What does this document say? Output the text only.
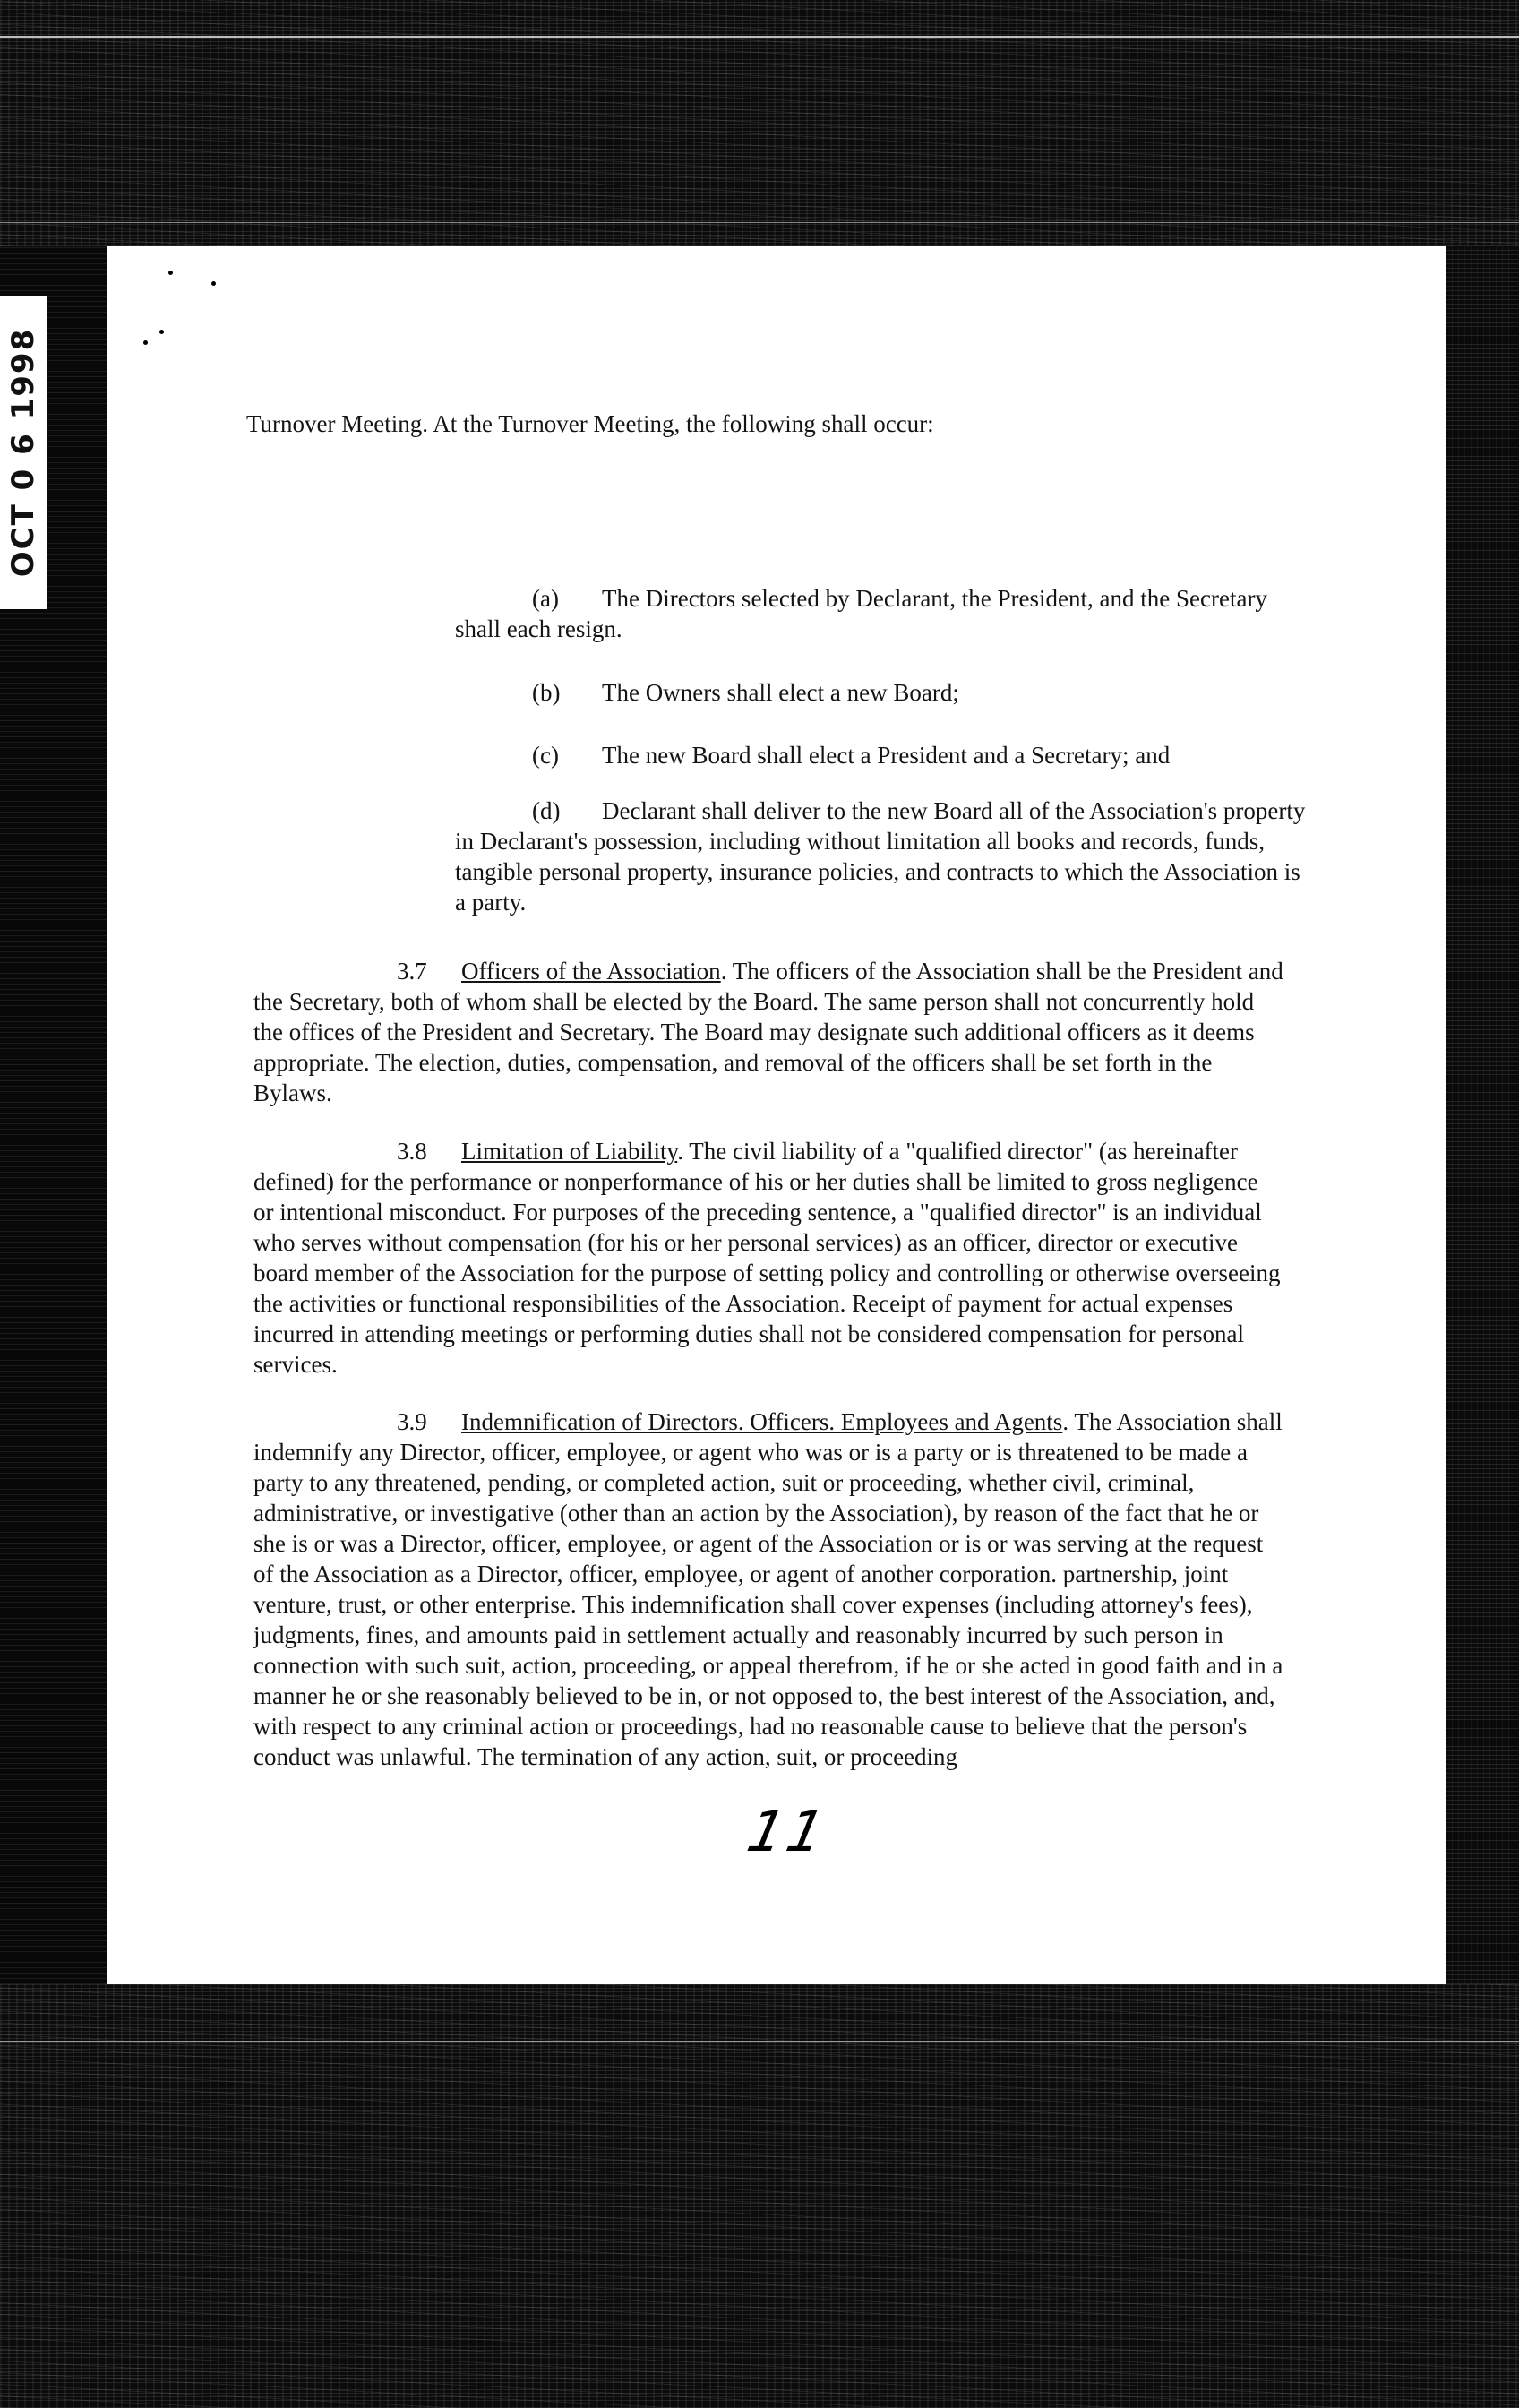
OCT 0 6 1998	Turnover Meeting. At the Turnover Meeting, the following shall occur:

(a) The Directors selected by Declarant, the President, and the Secretary shall each resign.

(b) The Owners shall elect a new Board;

(c) The new Board shall elect a President and a Secretary; and

(d) Declarant shall deliver to the new Board all of the Association's property in Declarant's possession, including without limitation all books and records, funds, tangible personal property, insurance policies, and contracts to which the Association is a party.

3.7 Officers of the Association. The officers of the Association shall be the President and the Secretary, both of whom shall be elected by the Board. The same person shall not concurrently hold the offices of the President and Secretary. The Board may designate such additional officers as it deems appropriate. The election, duties, compensation, and removal of the officers shall be set forth in the Bylaws.

3.8 Limitation of Liability. The civil liability of a "qualified director" (as hereinafter defined) for the performance or nonperformance of his or her duties shall be limited to gross negligence or intentional misconduct. For purposes of the preceding sentence, a "qualified director" is an individual who serves without compensation (for his or her personal services) as an officer, director or executive board member of the Association for the purpose of setting policy and controlling or otherwise overseeing the activities or functional responsibilities of the Association. Receipt of payment for actual expenses incurred in attending meetings or performing duties shall not be considered compensation for personal services.

3.9 Indemnification of Directors. Officers. Employees and Agents. The Association shall indemnify any Director, officer, employee, or agent who was or is a party or is threatened to be made a party to any threatened, pending, or completed action, suit or proceeding, whether civil, criminal, administrative, or investigative (other than an action by the Association), by reason of the fact that he or she is or was a Director, officer, employee, or agent of the Association or is or was serving at the request of the Association as a Director, officer, employee, or agent of another corporation. partnership, joint venture, trust, or other enterprise. This indemnification shall cover expenses (including attorney's fees), judgments, fines, and amounts paid in settlement actually and reasonably incurred by such person in connection with such suit, action, proceeding, or appeal therefrom, if he or she acted in good faith and in a manner he or she reasonably believed to be in, or not opposed to, the best interest of the Association, and, with respect to any criminal action or proceedings, had no reasonable cause to believe that the person's conduct was unlawful. The termination of any action, suit, or proceeding

11
